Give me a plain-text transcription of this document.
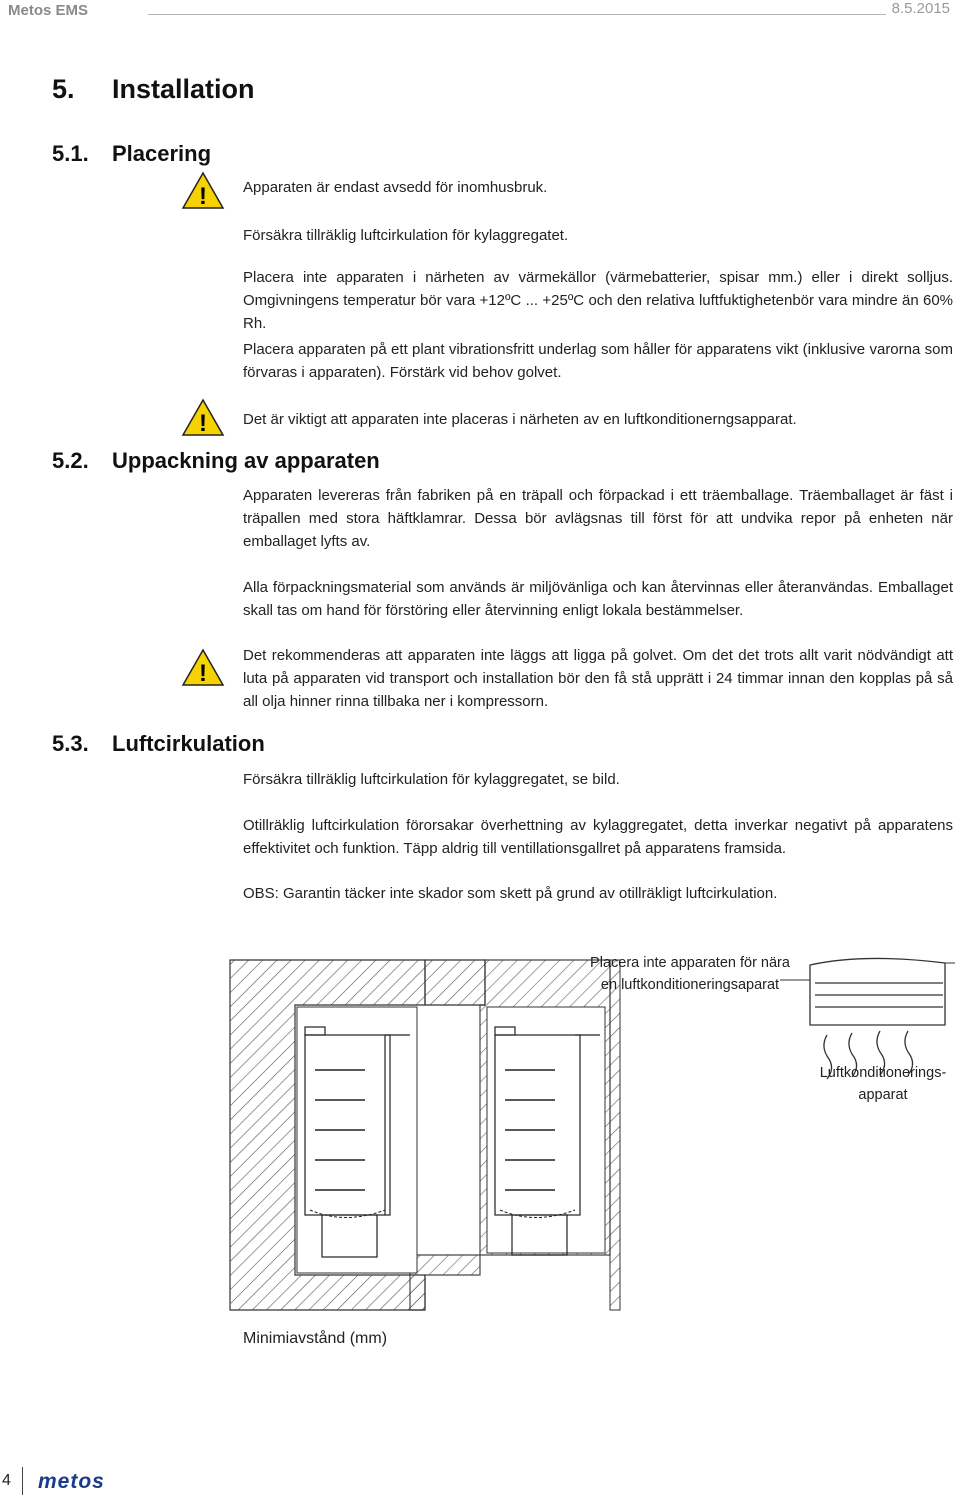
Metos EMS	8.5.2015
5. Installation
5.1. Placering
! Apparaten är endast avsedd för inomhusbruk.
Försäkra tillräklig luftcirkulation för kylaggregatet.
Placera inte apparaten i närheten av värmekällor (värmebatterier, spisar mm.) eller i direkt solljus. Omgivningens temperatur bör vara +12ºC ... +25ºC och den relativa luftfuktighetenbör vara mindre än 60% Rh.
Placera apparaten på ett plant vibrationsfritt underlag som håller för apparatens vikt (inklusive varorna som förvaras i apparaten). Förstärk vid behov golvet.
! Det är viktigt att apparaten inte placeras i närheten av en luftkonditionerngsapparat.
5.2. Uppackning av apparaten
Apparaten levereras från fabriken på en träpall och förpackad i ett träemballage. Träemballaget är fäst i träpallen med stora häftklamrar. Dessa bör avlägsnas till först för att undvika repor på enheten när emballaget lyfts av.
Alla förpackningsmaterial som används är miljövänliga och kan återvinnas eller återanvändas. Emballaget skall tas om hand för förstöring eller återvinning enligt lokala bestämmelser.
!
Det rekommenderas att apparaten inte läggs att ligga på golvet. Om det det trots allt varit nödvändigt att luta på apparaten vid transport och installation bör den få stå upprätt i 24 timmar innan den kopplas på så all olja hinner rinna tillbaka ner i kompressorn.
5.3. Luftcirkulation
Försäkra tillräklig luftcirkulation för kylaggregatet, se bild.
Otillräklig luftcirkulation förorsakar överhettning av kylaggregatet, detta inverkar negativt på apparatens effektivitet och funktion. Täpp aldrig till ventillationsgallret på apparatens framsida.
OBS: Garantin täcker inte skador som skett på grund av otillräkligt luftcirkulation.
Placera inte apparaten för nära
en luftkonditioneringsaparat
Luftkonditionerings-
apparat
Minimiavstånd (mm)
4 metos
